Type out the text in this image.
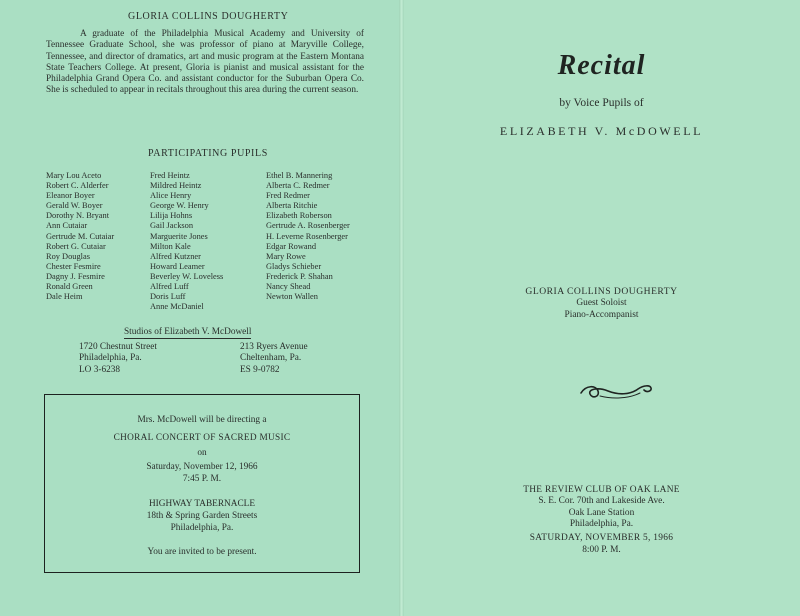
GLORIA COLLINS DOUGHERTY

A graduate of the Philadelphia Musical Academy and University of Tennessee Graduate School, she was professor of piano at Maryville College, Tennessee, and director of dramatics, art and music program at the Eastern Montana State Teachers College. At present, Gloria is pianist and musical assistant for the Philadelphia Grand Opera Co. and assistant conductor for the Suburban Opera Co. She is scheduled to appear in recitals throughout this area during the current season.

PARTICIPATING PUPILS
Mary Lou Aceto
Robert C. Alderfer
Eleanor Boyer
Gerald W. Boyer
Dorothy N. Bryant
Ann Cutaiar
Gertrude M. Cutaiar
Robert G. Cutaiar
Roy Douglas
Chester Fesmire
Dagny J. Fesmire
Ronald Green
Dale Heim
Fred Heintz
Mildred Heintz
Alice Henry
George W. Henry
Lilija Hohns
Gail Jackson
Marguerite Jones
Milton Kale
Alfred Kutzner
Howard Leamer
Beverley W. Loveless
Alfred Luff
Doris Luff
Anne McDaniel
Ethel B. Mannering
Alberta C. Redmer
Fred Redmer
Alberta Ritchie
Elizabeth Roberson
Gertrude A. Rosenberger
H. Leverne Rosenberger
Edgar Rowand
Mary Rowe
Gladys Schieber
Frederick P. Shahan
Nancy Shead
Newton Wallen
Studios of Elizabeth V. McDowell
1720 Chestnut Street
Philadelphia, Pa.
LO 3-6238
213 Ryers Avenue
Cheltenham, Pa.
ES 9-0782
Mrs. McDowell will be directing a
CHORAL CONCERT OF SACRED MUSIC
on
Saturday, November 12, 1966
7:45 P. M.
HIGHWAY TABERNACLE
18th & Spring Garden Streets
Philadelphia, Pa.
You are invited to be present.
Recital
by Voice Pupils of
ELIZABETH V. McDOWELL
GLORIA COLLINS DOUGHERTY
Guest Soloist
Piano-Accompanist
THE REVIEW CLUB OF OAK LANE
S. E. Cor. 70th and Lakeside Ave.
Oak Lane Station
Philadelphia, Pa.
SATURDAY, NOVEMBER 5, 1966
8:00 P. M.
